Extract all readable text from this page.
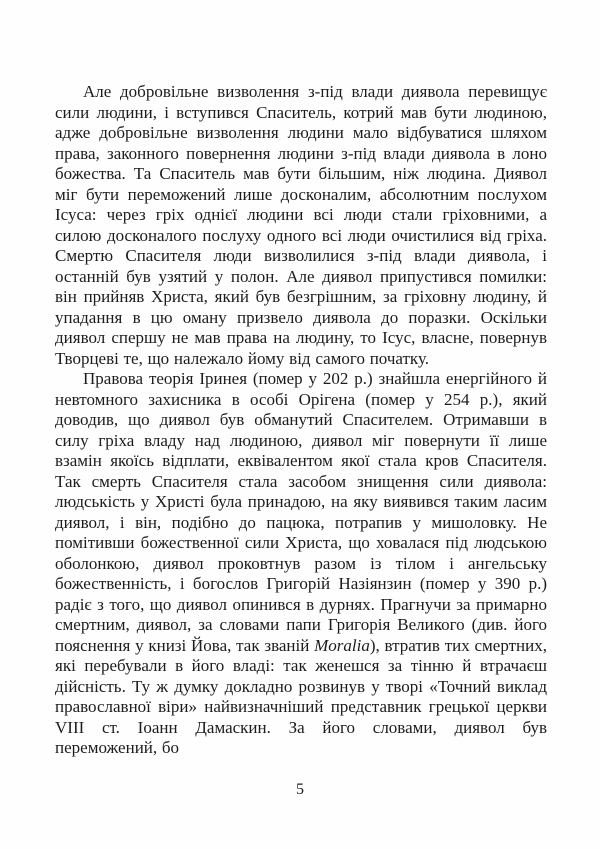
Але добровільне визволення з-під влади диявола перевищує сили людини, і вступився Спаситель, котрий мав бути людиною, адже добровільне визволення людини мало відбуватися шляхом права, законного повернення людини з-під влади диявола в лоно божества. Та Спаситель мав бути більшим, ніж людина. Диявол міг бути переможений лише досконалим, абсолютним послухом Ісуса: через гріх однієї людини всі люди стали гріховними, а силою досконалого послуху одного всі люди очистилися від гріха. Смертю Спасителя люди визволилися з-під влади диявола, і останній був узятий у полон. Але диявол припустився помилки: він прийняв Христа, який був безгрішним, за гріховну людину, й упадання в цю оману призвело диявола до поразки. Оскільки диявол спершу не мав права на людину, то Ісус, власне, повернув Творцеві те, що належало йому від самого початку.

Правова теорія Іринея (помер у 202 р.) знайшла енергійного й невтомного захисника в особі Орігена (помер у 254 р.), який доводив, що диявол був обманутий Спасителем. Отримавши в силу гріха владу над людиною, диявол міг повернути її лише взамін якоїсь відплати, еквівалентом якої стала кров Спасителя. Так смерть Спасителя стала засобом знищення сили диявола: людськість у Христі була принадою, на яку виявився таким ласим диявол, і він, подібно до пацюка, потрапив у мишоловку. Не помітивши божественної сили Христа, що ховалася під людською оболонкою, диявол проковтнув разом із тілом і ангельську божественність, і богослов Григорій Назіянзин (помер у 390 р.) радіє з того, що диявол опинився в дурнях. Прагнучи за примарно смертним, диявол, за словами папи Григорія Великого (див. його пояснення у книзі Йова, так званій Moralia), втратив тих смертних, які перебували в його владі: так женешся за тінню й втрачаєш дійсність. Ту ж думку докладно розвинув у творі «Точний виклад православної віри» найвизначніший представник грецької церкви VIII ст. Іоанн Дамаскин. За його словами, диявол був переможений, бо

5
